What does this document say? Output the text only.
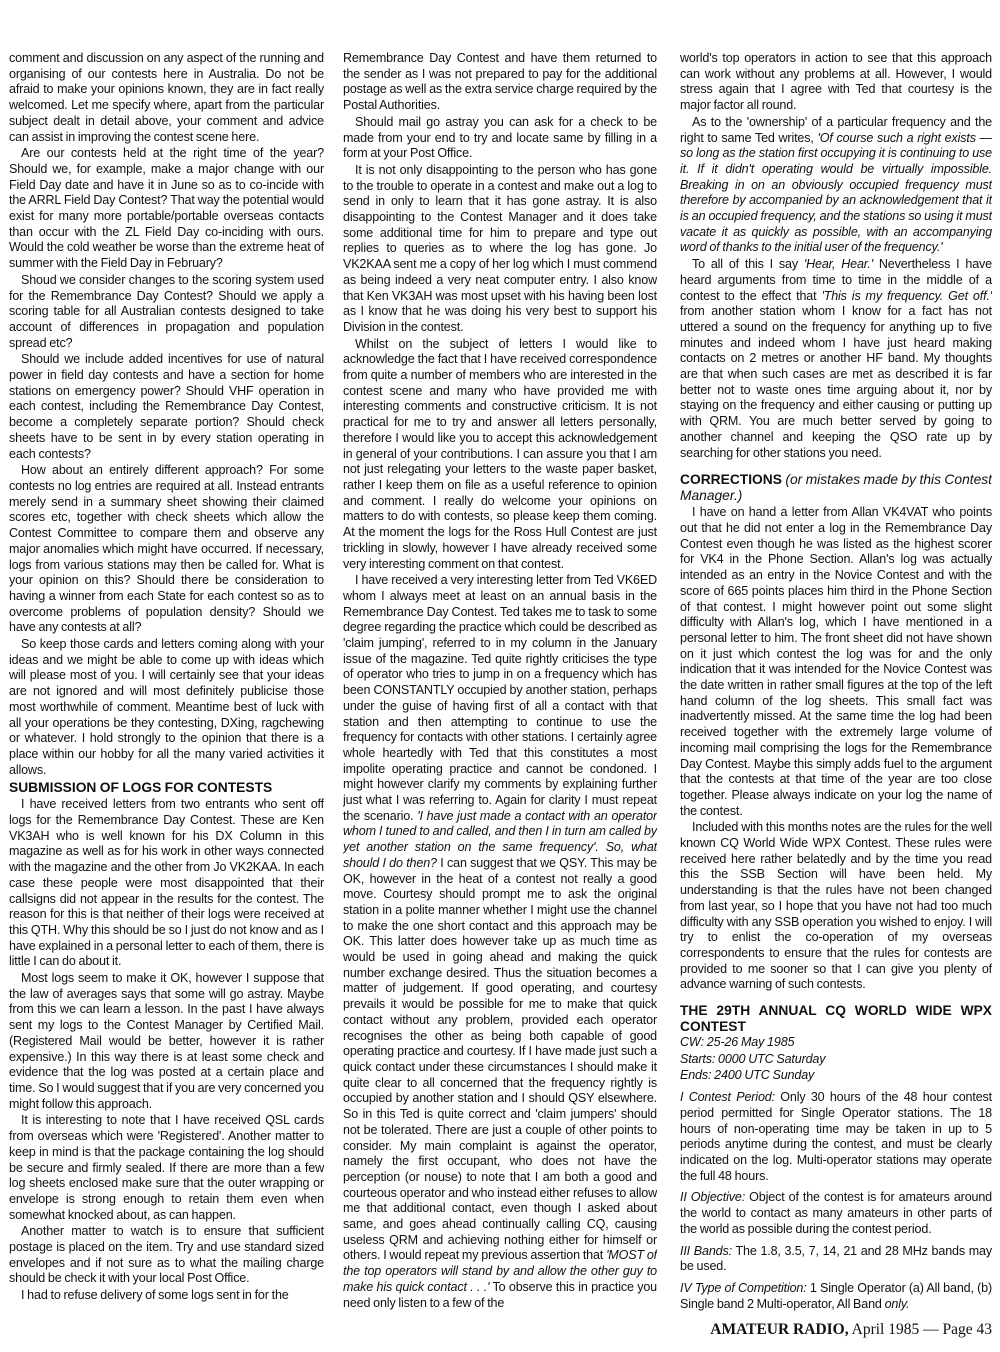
comment and discussion on any aspect of the running and organising of our contests here in Australia. Do not be afraid to make your opinions known, they are in fact really welcomed. Let me specify where, apart from the particular subject dealt in detail above, your comment and advice can assist in improving the contest scene here.

Are our contests held at the right time of the year? Should we, for example, make a major change with our Field Day date and have it in June so as to co-incide with the ARRL Field Day Contest? That way the potential would exist for many more portable/portable overseas contacts than occur with the ZL Field Day co-inciding with ours. Would the cold weather be worse than the extreme heat of summer with the Field Day in February?

Shoud we consider changes to the scoring system used for the Remembrance Day Contest? Should we apply a scoring table for all Australian contests designed to take account of differences in propagation and population spread etc?

Should we include added incentives for use of natural power in field day contests and have a section for home stations on emergency power? Should VHF operation in each contest, including the Remembrance Day Contest, become a completely separate portion? Should check sheets have to be sent in by every station operating in each contests?

How about an entirely different approach? For some contests no log entries are required at all. Instead entrants merely send in a summary sheet showing their claimed scores etc, together with check sheets which allow the Contest Committee to compare them and observe any major anomalies which might have occurred. If necessary, logs from various stations may then be called for. What is your opinion on this? Should there be consideration to having a winner from each State for each contest so as to overcome problems of population density? Should we have any contests at all?

So keep those cards and letters coming along with your ideas and we might be able to come up with ideas which will please most of you. I will certainly see that your ideas are not ignored and will most definitely publicise those most worthwhile of comment. Meantime best of luck with all your operations be they contesting, DXing, ragchewing or whatever. I hold strongly to the opinion that there is a place within our hobby for all the many varied activities it allows.

SUBMISSION OF LOGS FOR CONTESTS

I have received letters from two entrants who sent off logs for the Remembrance Day Contest. These are Ken VK3AH who is well known for his DX Column in this magazine as well as for his work in other ways connected with the magazine and the other from Jo VK2KAA. In each case these people were most disappointed that their callsigns did not appear in the results for the contest. The reason for this is that neither of their logs were received at this QTH. Why this should be so I just do not know and as I have explained in a personal letter to each of them, there is little I can do about it.

Most logs seem to make it OK, however I suppose that the law of averages says that some will go astray. Maybe from this we can learn a lesson. In the past I have always sent my logs to the Contest Manager by Certified Mail. (Registered Mail would be better, however it is rather expensive.) In this way there is at least some check and evidence that the log was posted at a certain place and time. So I would suggest that if you are very concerned you might follow this approach.

It is interesting to note that I have received QSL cards from overseas which were 'Registered'. Another matter to keep in mind is that the package containing the log should be secure and firmly sealed. If there are more than a few log sheets enclosed make sure that the outer wrapping or envelope is strong enough to retain them even when somewhat knocked about, as can happen.

Another matter to watch is to ensure that sufficient postage is placed on the item. Try and use standard sized envelopes and if not sure as to what the mailing charge should be check it with your local Post Office.

I had to refuse delivery of some logs sent in for the

Remembrance Day Contest and have them returned to the sender as I was not prepared to pay for the additional postage as well as the extra service charge required by the Postal Authorities.

Should mail go astray you can ask for a check to be made from your end to try and locate same by filling in a form at your Post Office.

It is not only disappointing to the person who has gone to the trouble to operate in a contest and make out a log to send in only to learn that it has gone astray. It is also disappointing to the Contest Manager and it does take some additional time for him to prepare and type out replies to queries as to where the log has gone. Jo VK2KAA sent me a copy of her log which I must commend as being indeed a very neat computer entry. I also know that Ken VK3AH was most upset with his having been lost as I know that he was doing his very best to support his Division in the contest.

Whilst on the subject of letters I would like to acknowledge the fact that I have received correspondence from quite a number of members who are interested in the contest scene and many who have provided me with interesting comments and constructive criticism. It is not practical for me to try and answer all letters personally, therefore I would like you to accept this acknowledgement in general of your contributions. I can assure you that I am not just relegating your letters to the waste paper basket, rather I keep them on file as a useful reference to opinion and comment. I really do welcome your opinions on matters to do with contests, so please keep them coming. At the moment the logs for the Ross Hull Contest are just trickling in slowly, however I have already received some very interesting comment on that contest.

I have received a very interesting letter from Ted VK6ED whom I always meet at least on an annual basis in the Remembrance Day Contest. Ted takes me to task to some degree regarding the practice which could be described as 'claim jumping', referred to in my column in the January issue of the magazine. Ted quite rightly criticises the type of operator who tries to jump in on a frequency which has been CONSTANTLY occupied by another station, perhaps under the guise of having first of all a contact with that station and then attempting to continue to use the frequency for contacts with other stations. I certainly agree whole heartedly with Ted that this constitutes a most impolite operating practice and cannot be condoned. I might however clarify my comments by explaining further just what I was referring to. Again for clarity I must repeat the scenario. 'I have just made a contact with an operator whom I tuned to and called, and then I in turn am called by yet another station on the same frequency'. So, what should I do then? I can suggest that we QSY. This may be OK, however in the heat of a contest not really a good move. Courtesy should prompt me to ask the original station in a polite manner whether I might use the channel to make the one short contact and this approach may be OK. This latter does however take up as much time as would be used in going ahead and making the quick number exchange desired. Thus the situation becomes a matter of judgement. If good operating, and courtesy prevails it would be possible for me to make that quick contact without any problem, provided each operator recognises the other as being both capable of good operating practice and courtesy. If I have made just such a quick contact under these circumstances I should make it quite clear to all concerned that the frequency rightly is occupied by another station and I should QSY elsewhere. So in this Ted is quite correct and 'claim jumpers' should not be tolerated. There are just a couple of other points to consider. My main complaint is against the operator, namely the first occupant, who does not have the perception (or nouse) to note that I am both a good and courteous operator and who instead either refuses to allow me that additional contact, even though I asked about same, and goes ahead continually calling CQ, causing useless QRM and achieving nothing either for himself or others. I would repeat my previous assertion that 'MOST of the top operators will stand by and allow the other guy to make his quick contact . . .' To observe this in practice you need only listen to a few of the

world's top operators in action to see that this approach can work without any problems at all. However, I would stress again that I agree with Ted that courtesy is the major factor all round.

As to the 'ownership' of a particular frequency and the right to same Ted writes, 'Of course such a right exists — so long as the station first occupying it is continuing to use it. If it didn't operating would be virtually impossible. Breaking in on an obviously occupied frequency must therefore by accompanied by an acknowledgement that it is an occupied frequency, and the stations so using it must vacate it as quickly as possible, with an accompanying word of thanks to the initial user of the frequency.'

To all of this I say 'Hear, Hear.' Nevertheless I have heard arguments from time to time in the middle of a contest to the effect that 'This is my frequency. Get off.' from another station whom I know for a fact has not uttered a sound on the frequency for anything up to five minutes and indeed whom I have just heard making contacts on 2 metres or another HF band. My thoughts are that when such cases are met as described it is far better not to waste ones time arguing about it, nor by staying on the frequency and either causing or putting up with QRM. You are much better served by going to another channel and keeping the QSO rate up by searching for other stations you need.

CORRECTIONS (or mistakes made by this Contest Manager.)

I have on hand a letter from Allan VK4VAT who points out that he did not enter a log in the Remembrance Day Contest even though he was listed as the highest scorer for VK4 in the Phone Section. Allan's log was actually intended as an entry in the Novice Contest and with the score of 665 points places him third in the Phone Section of that contest. I might however point out some slight difficulty with Allan's log, which I have mentioned in a personal letter to him. The front sheet did not have shown on it just which contest the log was for and the only indication that it was intended for the Novice Contest was the date written in rather small figures at the top of the left hand column of the log sheets. This small fact was inadvertently missed. At the same time the log had been received together with the extremely large volume of incoming mail comprising the logs for the Remembrance Day Contest. Maybe this simply adds fuel to the argument that the contests at that time of the year are too close together. Please always indicate on your log the name of the contest.

Included with this months notes are the rules for the well known CQ World Wide WPX Contest. These rules were received here rather belatedly and by the time you read this the SSB Section will have been held. My understanding is that the rules have not been changed from last year, so I hope that you have not had too much difficulty with any SSB operation you wished to enjoy. I will try to enlist the co-operation of my overseas correspondents to ensure that the rules for contests are provided to me sooner so that I can give you plenty of advance warning of such contests.

THE 29TH ANNUAL CQ WORLD WIDE WPX CONTEST

CW: 25-26 May 1985

Starts: 0000 UTC Saturday

Ends: 2400 UTC Sunday

I Contest Period: Only 30 hours of the 48 hour contest period permitted for Single Operator stations. The 18 hours of non-operating time may be taken in up to 5 periods anytime during the contest, and must be clearly indicated on the log. Multi-operator stations may operate the full 48 hours.

II Objective: Object of the contest is for amateurs around the world to contact as many amateurs in other parts of the world as possible during the contest period.

III Bands: The 1.8, 3.5, 7, 14, 21 and 28 MHz bands may be used.

IV Type of Competition: 1 Single Operator (a) All band, (b) Single band 2 Multi-operator, All Band only.

AMATEUR RADIO, April 1985 — Page 43
